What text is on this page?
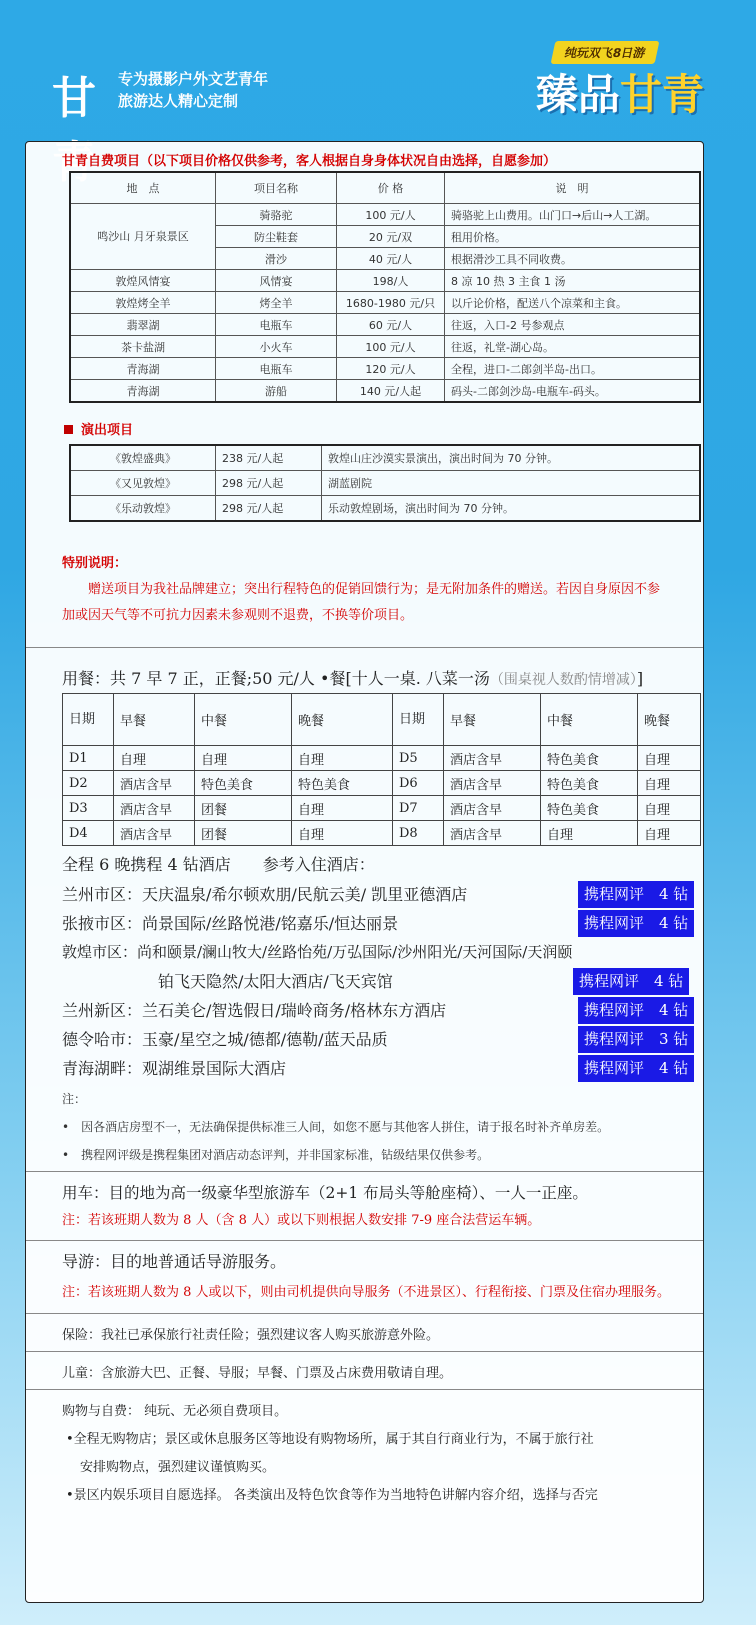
甘 专为摄影户外文艺青年
旅游达人精心定制
纯玩双飞8日游
臻品甘青
甘青自费项目（以下项目价格仅供参考，客人根据自身身体状况自由选择，自愿参加）
地　点	项目名称	价 格	说　明
鸣沙山 月牙泉景区	骑骆驼	100 元/人	骑骆驼上山费用。山门口→后山→人工湖。
	防尘鞋套	20 元/双	租用价格。
	滑沙	40 元/人	根据滑沙工具不同收费。
敦煌风情宴	风情宴	198/人	8 凉 10 热 3 主食 1 汤
敦煌烤全羊	烤全羊	1680-1980 元/只	以斤论价格，配送八个凉菜和主食。
翡翠湖	电瓶车	60 元/人	往返，入口-2 号参观点
茶卡盐湖	小火车	100 元/人	往返，礼堂-湖心岛。
青海湖	电瓶车	120 元/人	全程，进口-二郎剑半岛-出口。
青海湖	游船	140 元/人起	码头-二郎剑沙岛-电瓶车-码头。
演出项目
《敦煌盛典》	238 元/人起	敦煌山庄沙漠实景演出，演出时间为 70 分钟。
《又见敦煌》	298 元/人起	湖蓝剧院
《乐动敦煌》	298 元/人起	乐动敦煌剧场，演出时间为 70 分钟。
特别说明：
赠送项目为我社品牌建立；突出行程特色的促销回馈行为；是无附加条件的赠送。若因自身原因不参加或因天气等不可抗力因素未参观则不退费，不换等价项目。
用餐：共 7 早 7 正，正餐;50 元/人 •餐[十人一桌. 八菜一汤（围桌视人数酌情增减）]
日期	早餐	中餐	晚餐	日期	早餐	中餐	晚餐
D1	自理	自理	自理	D5	酒店含早	特色美食	自理
D2	酒店含早	特色美食	特色美食	D6	酒店含早	特色美食	自理
D3	酒店含早	团餐	自理	D7	酒店含早	特色美食	自理
D4	酒店含早	团餐	自理	D8	酒店含早	自理	自理
全程 6 晚携程 4 钻酒店　　参考入住酒店：
兰州市区：天庆温泉/希尔顿欢朋/民航云美/ 凯里亚德酒店	携程网评　4 钻
张掖市区：尚景国际/丝路悦港/铭嘉乐/恒达丽景	携程网评　4 钻
敦煌市区：尚和颐景/澜山牧大/丝路怡苑/万弘国际/沙州阳光/天河国际/天润颐
铂飞天隐然/太阳大酒店/飞天宾馆	携程网评　4 钻
兰州新区：兰石美仑/智选假日/瑞岭商务/格林东方酒店	携程网评　4 钻
德令哈市：玉豪/星空之城/德都/德勒/蓝天品质	携程网评　3 钻
青海湖畔：观湖维景国际大酒店	携程网评　4 钻
注：
•　因各酒店房型不一，无法确保提供标准三人间，如您不愿与其他客人拼住，请于报名时补齐单房差。
•　携程网评级是携程集团对酒店动态评判，并非国家标准，钻级结果仅供参考。
用车：目的地为高一级豪华型旅游车（2+1 布局头等舱座椅）、一人一正座。
注：若该班期人数为 8 人（含 8 人）或以下则根据人数安排 7-9 座合法营运车辆。
导游：目的地普通话导游服务。
注：若该班期人数为 8 人或以下，则由司机提供向导服务（不进景区）、行程衔接、门票及住宿办理服务。
保险：我社已承保旅行社责任险；强烈建议客人购买旅游意外险。
儿童：含旅游大巴、正餐、导服；早餐、门票及占床费用敬请自理。
购物与自费： 纯玩、无必须自费项目。
•全程无购物店；景区或休息服务区等地设有购物场所，属于其自行商业行为，不属于旅行社
安排购物点，强烈建议谨慎购买。
•景区内娱乐项目自愿选择。 各类演出及特色饮食等作为当地特色讲解内容介绍，选择与否完
